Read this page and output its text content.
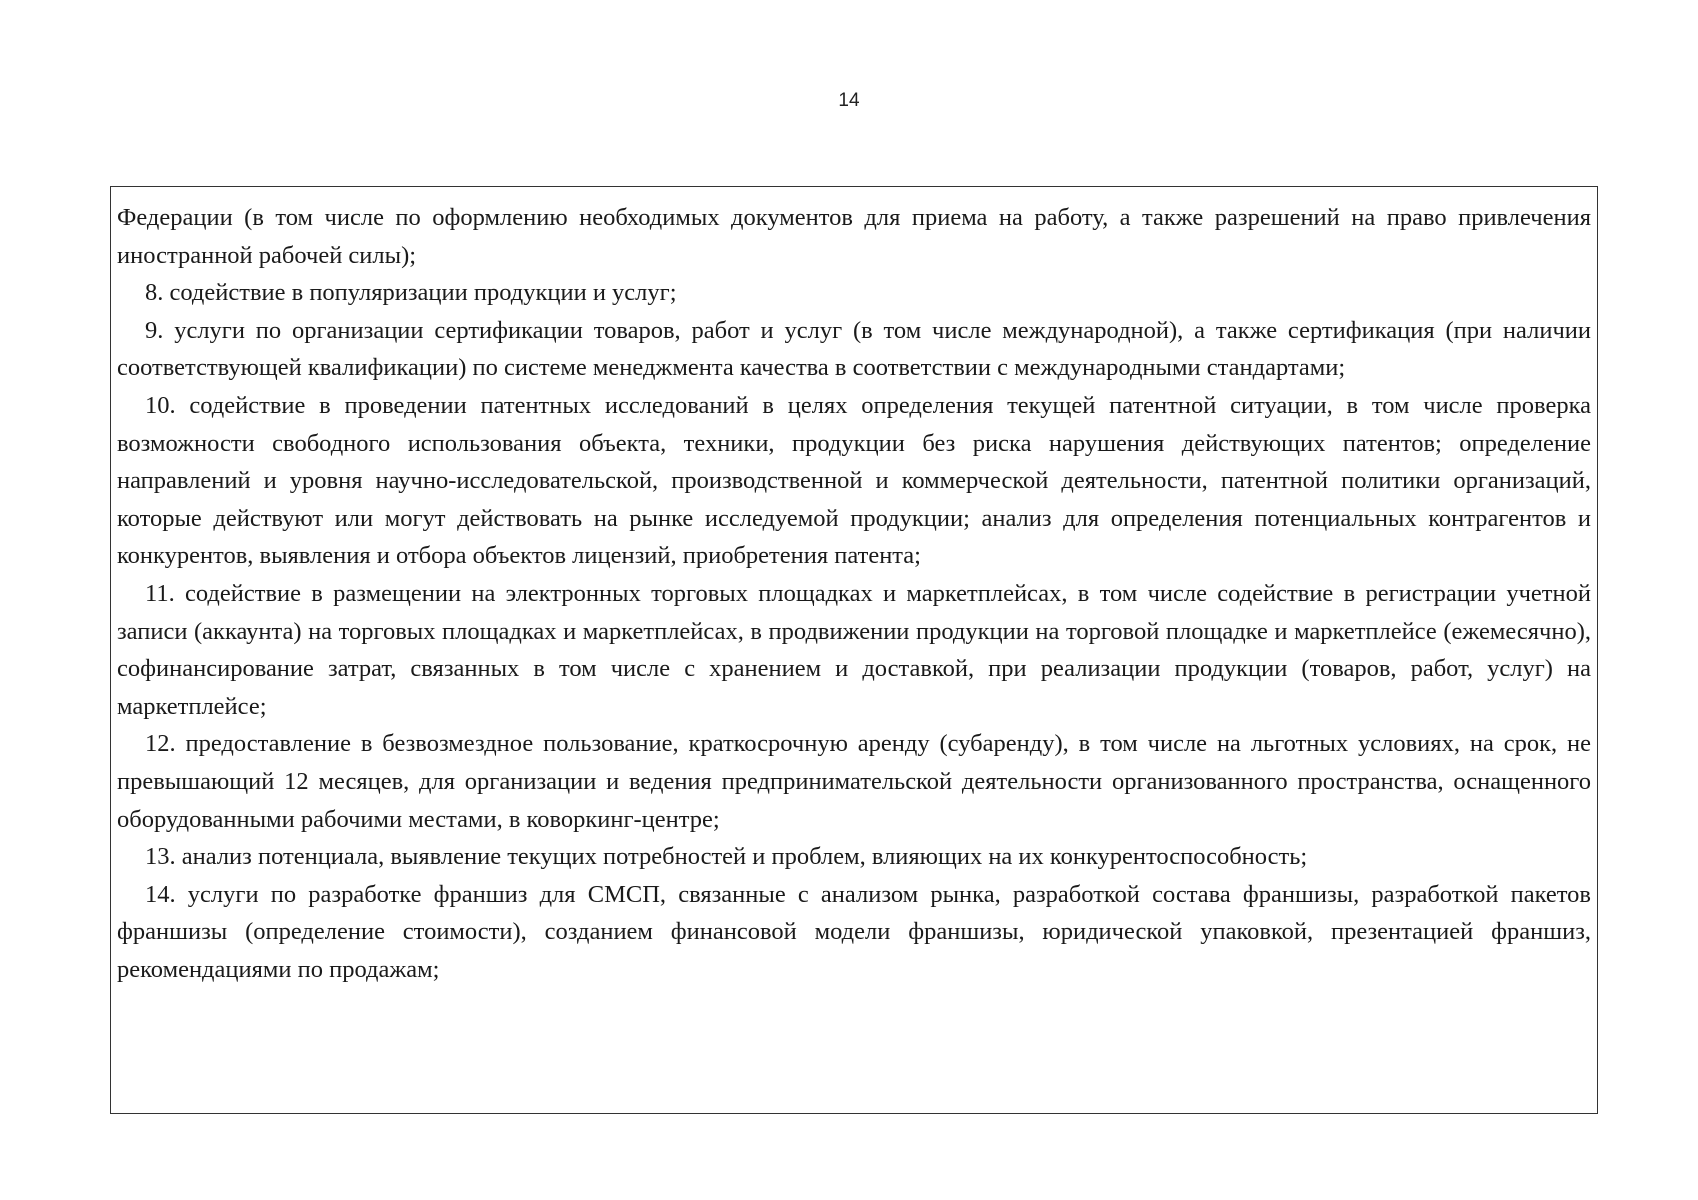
14

Федерации (в том числе по оформлению необходимых документов для приема на работу, а также разрешений на право привлечения иностранной рабочей силы);

8. содействие в популяризации продукции и услуг;

9. услуги по организации сертификации товаров, работ и услуг (в том числе международной), а также сертификация (при наличии соответствующей квалификации) по системе менеджмента качества в соответствии с международными стандартами;

10. содействие в проведении патентных исследований в целях определения текущей патентной ситуации, в том числе проверка возможности свободного использования объекта, техники, продукции без риска нарушения действующих патентов; определение направлений и уровня научно-исследовательской, производственной и коммерческой деятельности, патентной политики организаций, которые действуют или могут действовать на рынке исследуемой продукции; анализ для определения потенциальных контрагентов и конкурентов, выявления и отбора объектов лицензий, приобретения патента;

11. содействие в размещении на электронных торговых площадках и маркетплейсах, в том числе содействие в регистрации учетной записи (аккаунта) на торговых площадках и маркетплейсах, в продвижении продукции на торговой площадке и маркетплейсе (ежемесячно), софинансирование затрат, связанных в том числе с хранением и доставкой, при реализации продукции (товаров, работ, услуг) на маркетплейсе;

12. предоставление в безвозмездное пользование, краткосрочную аренду (субаренду), в том числе на льготных условиях, на срок, не превышающий 12 месяцев, для организации и ведения предпринимательской деятельности организованного пространства, оснащенного оборудованными рабочими местами, в коворкинг-центре;

13. анализ потенциала, выявление текущих потребностей и проблем, влияющих на их конкурентоспособность;

14. услуги по разработке франшиз для СМСП, связанные с анализом рынка, разработкой состава франшизы, разработкой пакетов франшизы (определение стоимости), созданием финансовой модели франшизы, юридической упаковкой, презентацией франшиз, рекомендациями по продажам;
